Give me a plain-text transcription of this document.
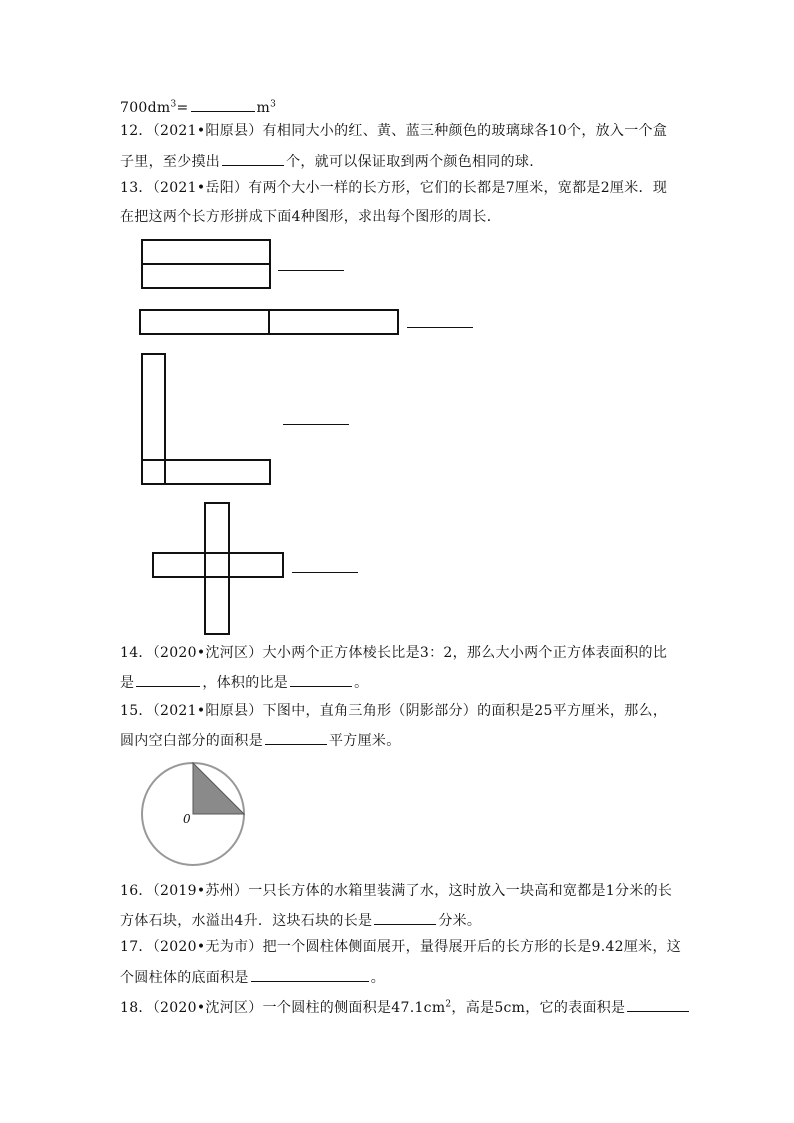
$700dm^3=$	$m^3$
12．（2021•阳原县）有相同大小的红、黄、蓝三种颜色的玻璃球各10个，放入一个盒
子里，至少摸出	个，就可以保证取到两个颜色相同的球.
13．（2021•岳阳）有两个大小一样的长方形，它们的长都是7厘米，宽都是2厘米．现
在把这两个长方形拼成下面4种图形，求出每个图形的周长．
14．（2020•沈河区）大小两个正方体棱长比是3：2，那么大小两个正方体表面积的比
是	，体积的比是	。
15．（2021•阳原县）下图中，直角三角形（阴影部分）的面积是25平方厘米，那么，
圆内空白部分的面积是	平方厘米。
0
16．（2019•苏州）一只长方体的水箱里装满了水，这时放入一块高和宽都是1分米的长
方体石块，水溢出4升．这块石块的长是	分米。
17．（2020•无为市）把一个圆柱体侧面展开，量得展开后的长方形的长是9.42厘米，这
个圆柱体的底面积是	。
18．（2020•沈河区）一个圆柱的侧面积是$47.1cm^2$，高是5cm，它的表面积是
